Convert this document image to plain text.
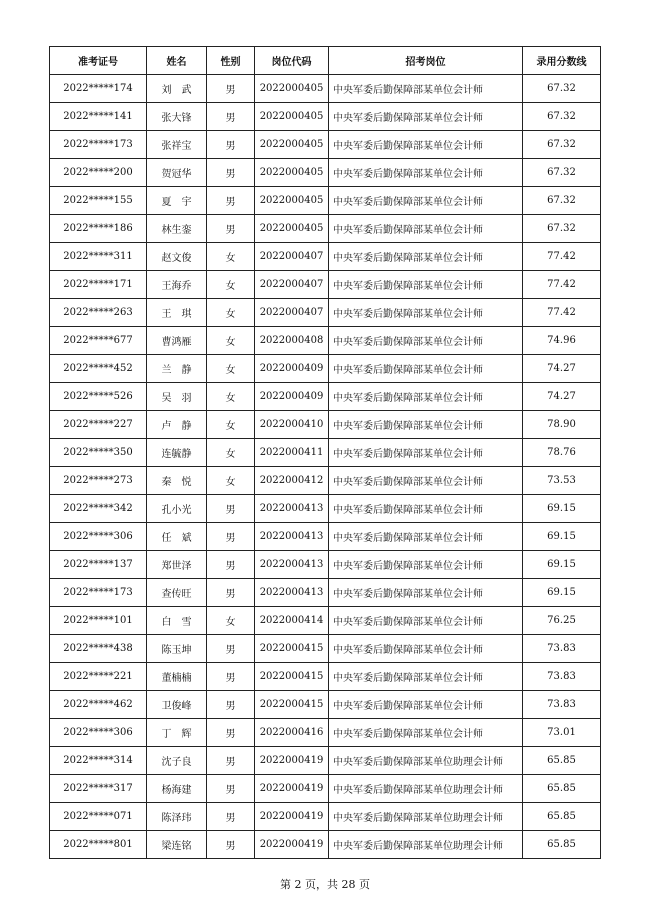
准考证号	姓名	性别	岗位代码	招考岗位	录用分数线
2022*****174	刘　武	男	2022000405	中央军委后勤保障部某单位会计师	67.32
2022*****141	张大锋	男	2022000405	中央军委后勤保障部某单位会计师	67.32
2022*****173	张祥宝	男	2022000405	中央军委后勤保障部某单位会计师	67.32
2022*****200	贺冠华	男	2022000405	中央军委后勤保障部某单位会计师	67.32
2022*****155	夏　宇	男	2022000405	中央军委后勤保障部某单位会计师	67.32
2022*****186	林生銮	男	2022000405	中央军委后勤保障部某单位会计师	67.32
2022*****311	赵文俊	女	2022000407	中央军委后勤保障部某单位会计师	77.42
2022*****171	王海乔	女	2022000407	中央军委后勤保障部某单位会计师	77.42
2022*****263	王　琪	女	2022000407	中央军委后勤保障部某单位会计师	77.42
2022*****677	曹鸿雁	女	2022000408	中央军委后勤保障部某单位会计师	74.96
2022*****452	兰　静	女	2022000409	中央军委后勤保障部某单位会计师	74.27
2022*****526	吴　羽	女	2022000409	中央军委后勤保障部某单位会计师	74.27
2022*****227	卢　静	女	2022000410	中央军委后勤保障部某单位会计师	78.90
2022*****350	连毓静	女	2022000411	中央军委后勤保障部某单位会计师	78.76
2022*****273	秦　悦	女	2022000412	中央军委后勤保障部某单位会计师	73.53
2022*****342	孔小光	男	2022000413	中央军委后勤保障部某单位会计师	69.15
2022*****306	任　斌	男	2022000413	中央军委后勤保障部某单位会计师	69.15
2022*****137	郑世泽	男	2022000413	中央军委后勤保障部某单位会计师	69.15
2022*****173	查传旺	男	2022000413	中央军委后勤保障部某单位会计师	69.15
2022*****101	白　雪	女	2022000414	中央军委后勤保障部某单位会计师	76.25
2022*****438	陈玉坤	男	2022000415	中央军委后勤保障部某单位会计师	73.83
2022*****221	董楠楠	男	2022000415	中央军委后勤保障部某单位会计师	73.83
2022*****462	卫俊峰	男	2022000415	中央军委后勤保障部某单位会计师	73.83
2022*****306	丁　辉	男	2022000416	中央军委后勤保障部某单位会计师	73.01
2022*****314	沈子良	男	2022000419	中央军委后勤保障部某单位助理会计师	65.85
2022*****317	杨海建	男	2022000419	中央军委后勤保障部某单位助理会计师	65.85
2022*****071	陈泽玮	男	2022000419	中央军委后勤保障部某单位助理会计师	65.85
2022*****801	梁连铭	男	2022000419	中央军委后勤保障部某单位助理会计师	65.85
第 2 页，共 28 页
